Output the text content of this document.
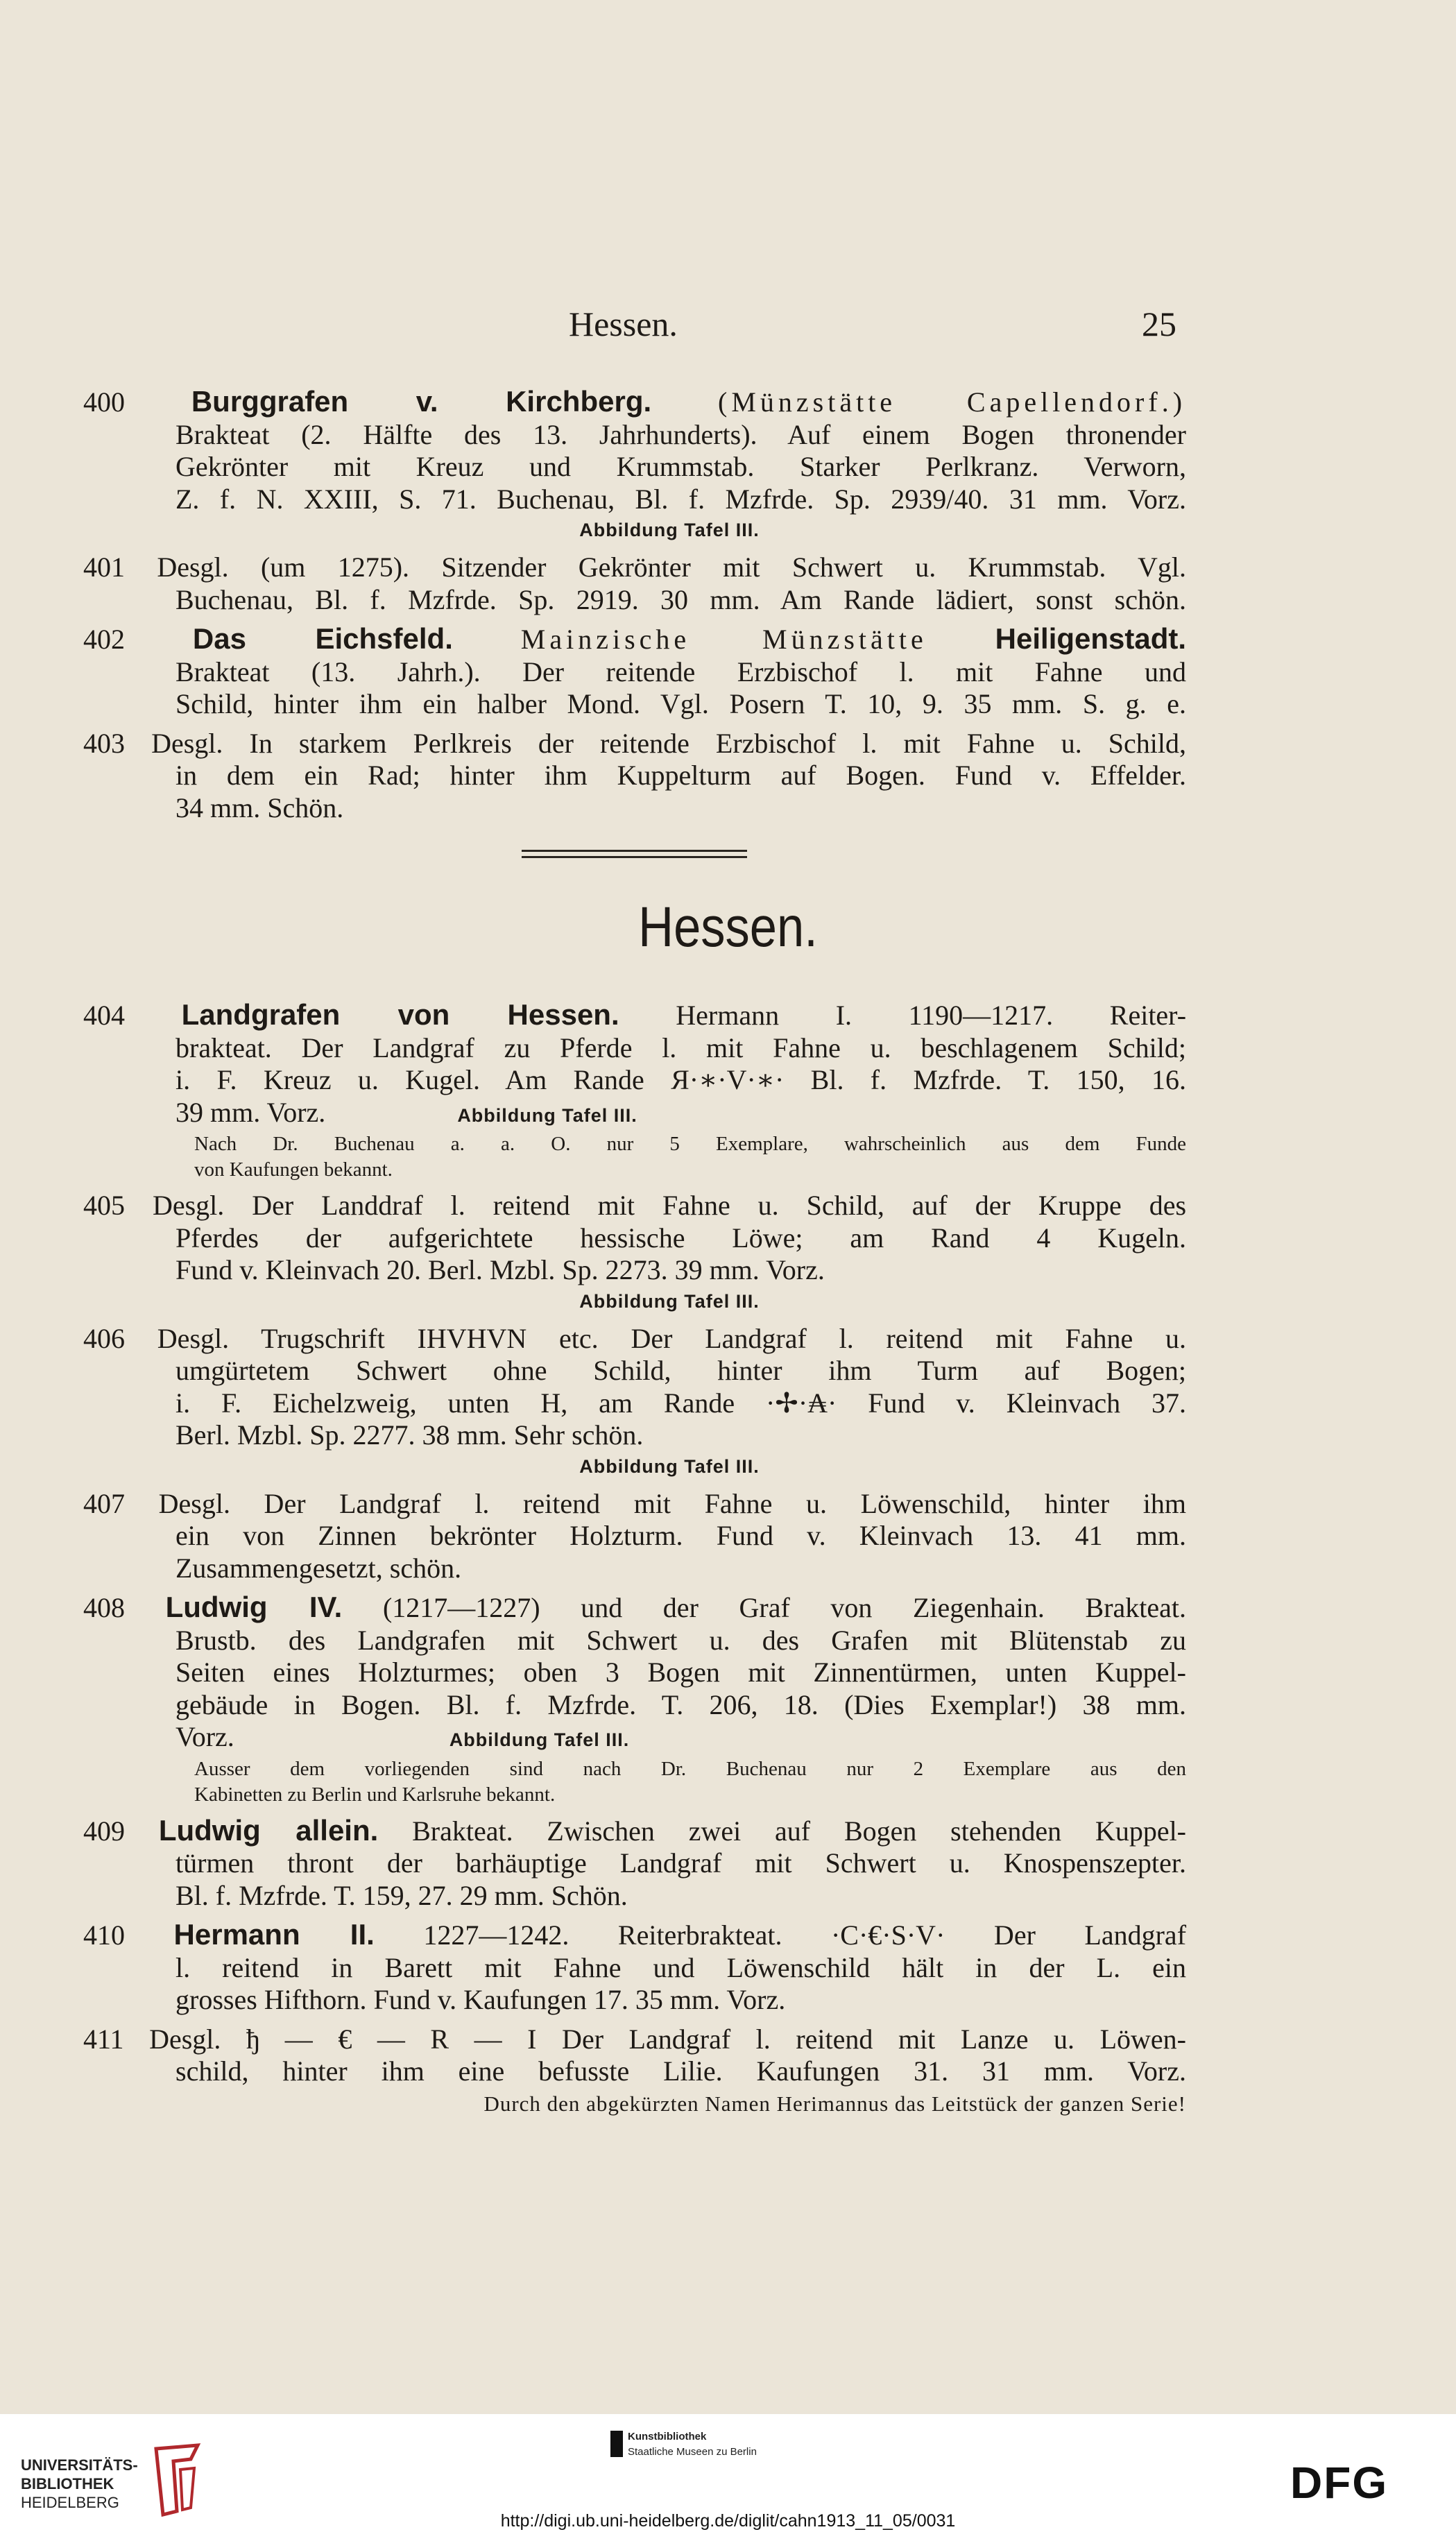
Hessen.	25
400 Burggrafen v. Kirchberg. (Münzstätte Capellendorf.)
Brakteat (2. Hälfte des 13. Jahrhunderts). Auf einem Bogen thronender
Gekrönter mit Kreuz und Krummstab. Starker Perlkranz. Verworn,
Z. f. N. XXIII, S. 71. Buchenau, Bl. f. Mzfrde. Sp. 2939/40. 31 mm. Vorz.
Abbildung Tafel III.
401 Desgl. (um 1275). Sitzender Gekrönter mit Schwert u. Krummstab. Vgl.
Buchenau, Bl. f. Mzfrde. Sp. 2919. 30 mm. Am Rande lädiert, sonst schön.
402 Das Eichsfeld. Mainzische Münzstätte Heiligenstadt.
Brakteat (13. Jahrh.). Der reitende Erzbischof l. mit Fahne und
Schild, hinter ihm ein halber Mond. Vgl. Posern T. 10, 9. 35 mm. S. g. e.
403 Desgl. In starkem Perlkreis der reitende Erzbischof l. mit Fahne u. Schild,
in dem ein Rad; hinter ihm Kuppelturm auf Bogen. Fund v. Effelder.
34 mm. Schön.
Hessen.
404 Landgrafen von Hessen. Hermann I. 1190—1217. Reiter-
brakteat. Der Landgraf zu Pferde l. mit Fahne u. beschlagenem Schild;
i. F. Kreuz u. Kugel. Am Rande Я·∗·V·∗· Bl. f. Mzfrde. T. 150, 16.
39 mm. Vorz.	Abbildung Tafel III.
Nach Dr. Buchenau a. a. O. nur 5 Exemplare, wahrscheinlich aus dem Funde
von Kaufungen bekannt.
405 Desgl. Der Landdraf l. reitend mit Fahne u. Schild, auf der Kruppe des
Pferdes der aufgerichtete hessische Löwe; am Rand 4 Kugeln.
Fund v. Kleinvach 20. Berl. Mzbl. Sp. 2273. 39 mm. Vorz.
Abbildung Tafel III.
406 Desgl. Trugschrift IHVHVN etc. Der Landgraf l. reitend mit Fahne u.
umgürtetem Schwert ohne Schild, hinter ihm Turm auf Bogen;
i. F. Eichelzweig, unten H, am Rande ·✢·₳· Fund v. Kleinvach 37.
Berl. Mzbl. Sp. 2277. 38 mm. Sehr schön.
Abbildung Tafel III.
407 Desgl. Der Landgraf l. reitend mit Fahne u. Löwenschild, hinter ihm
ein von Zinnen bekrönter Holzturm. Fund v. Kleinvach 13. 41 mm.
Zusammengesetzt, schön.
408 Ludwig IV. (1217—1227) und der Graf von Ziegenhain. Brakteat.
Brustb. des Landgrafen mit Schwert u. des Grafen mit Blütenstab zu
Seiten eines Holzturmes; oben 3 Bogen mit Zinnentürmen, unten Kuppel-
gebäude in Bogen. Bl. f. Mzfrde. T. 206, 18. (Dies Exemplar!) 38 mm.
Vorz.	Abbildung Tafel III.
Ausser dem vorliegenden sind nach Dr. Buchenau nur 2 Exemplare aus den
Kabinetten zu Berlin und Karlsruhe bekannt.
409 Ludwig allein. Brakteat. Zwischen zwei auf Bogen stehenden Kuppel-
türmen thront der barhäuptige Landgraf mit Schwert u. Knospenszepter.
Bl. f. Mzfrde. T. 159, 27. 29 mm. Schön.
410 Hermann II. 1227—1242. Reiterbrakteat. ·C·€·S·V· Der Landgraf
l. reitend in Barett mit Fahne und Löwenschild hält in der L. ein
grosses Hifthorn. Fund v. Kaufungen 17. 35 mm. Vorz.
411 Desgl. ђ — € — R — I Der Landgraf l. reitend mit Lanze u. Löwen-
schild, hinter ihm eine befusste Lilie. Kaufungen 31. 31 mm. Vorz.
Durch den abgekürzten Namen Herimannus das Leitstück der ganzen Serie!
UNIVERSITÄTS-
BIBLIOTHEK
HEIDELBERG
Kunstbibliothek
Staatliche Museen zu Berlin
DFG
http://digi.ub.uni-heidelberg.de/diglit/cahn1913_11_05/0031
